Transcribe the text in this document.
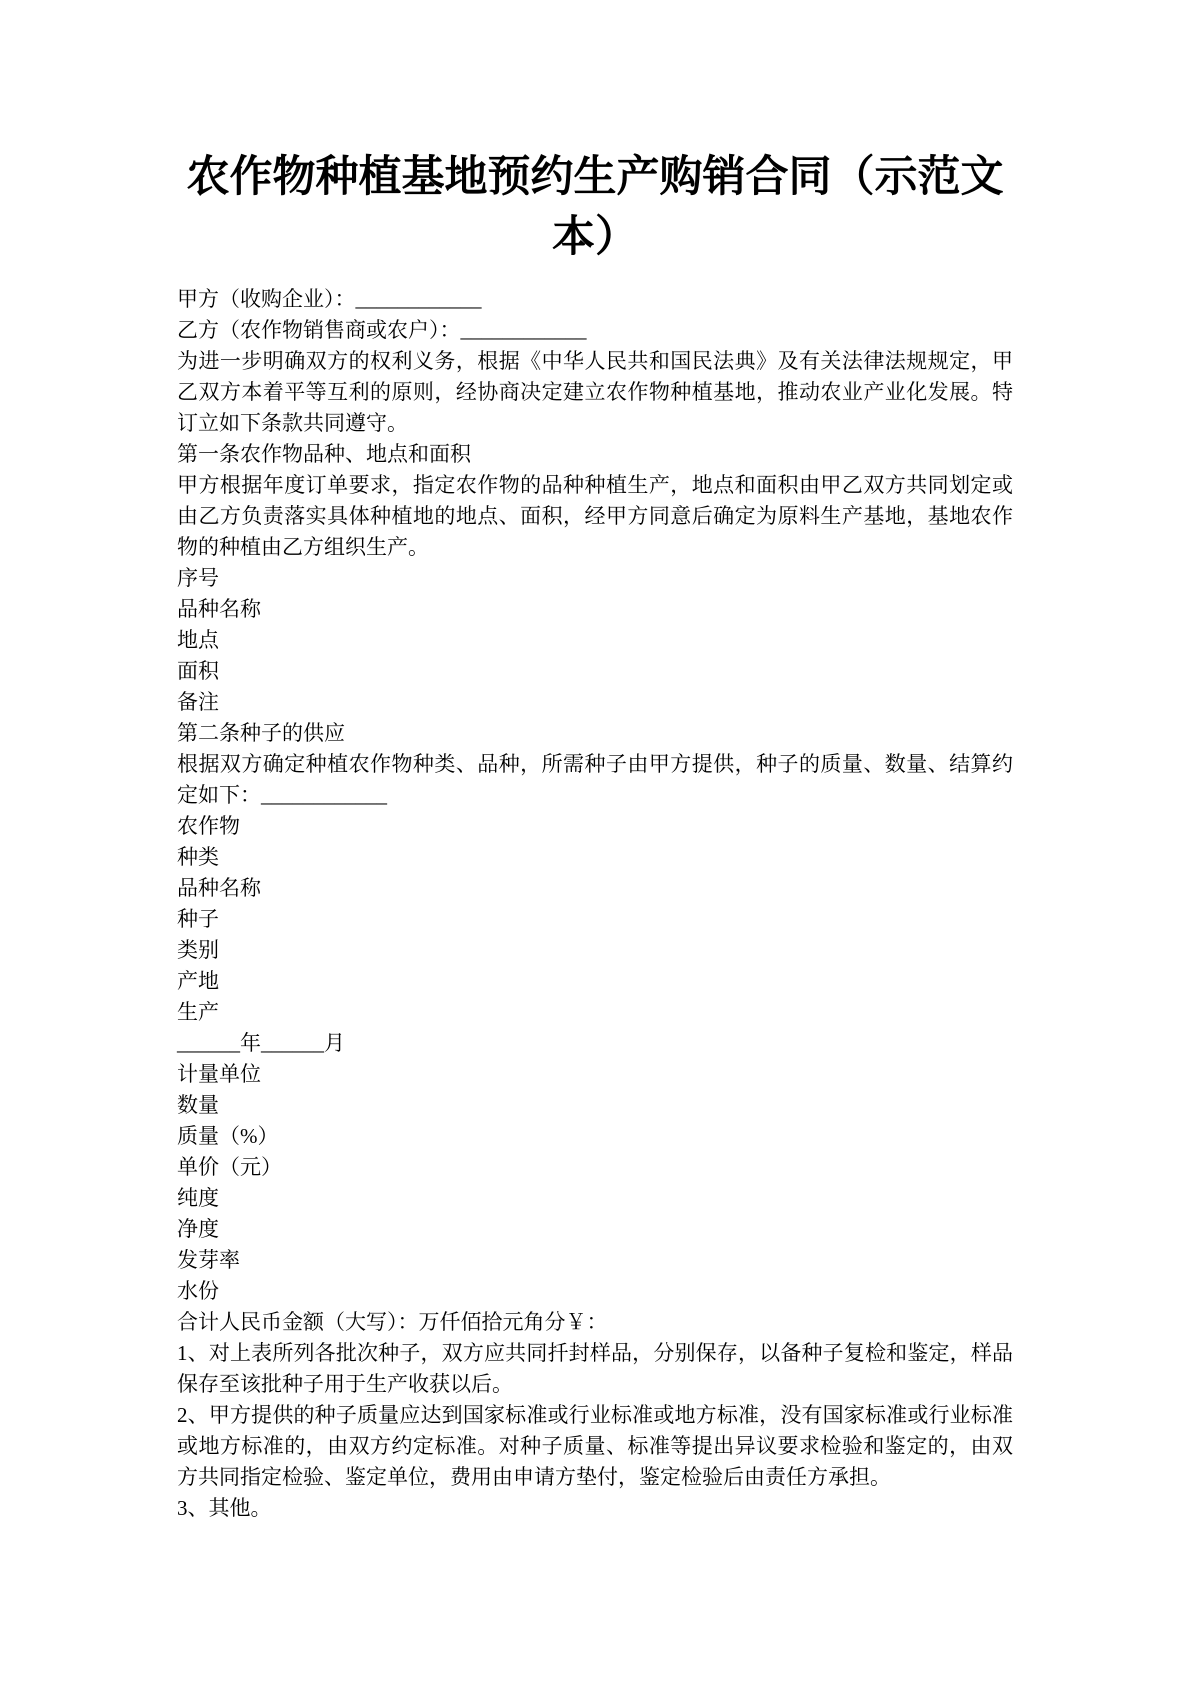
农作物种植基地预约生产购销合同（示范文本）

甲方（收购企业）：____________

乙方（农作物销售商或农户）：____________

为进一步明确双方的权利义务，根据《中华人民共和国民法典》及有关法律法规规定，甲乙双方本着平等互利的原则，经协商决定建立农作物种植基地，推动农业产业化发展。特订立如下条款共同遵守。

第一条农作物品种、地点和面积

甲方根据年度订单要求，指定农作物的品种种植生产，地点和面积由甲乙双方共同划定或由乙方负责落实具体种植地的地点、面积，经甲方同意后确定为原料生产基地，基地农作物的种植由乙方组织生产。

序号

品种名称

地点

面积

备注

第二条种子的供应

根据双方确定种植农作物种类、品种，所需种子由甲方提供，种子的质量、数量、结算约定如下：____________

农作物

种类

品种名称

种子

类别

产地

生产

______年______月

计量单位

数量

质量（%）

单价（元）

纯度

净度

发芽率

水份

合计人民币金额（大写）：万仟佰拾元角分￥：

1、对上表所列各批次种子，双方应共同扦封样品，分别保存，以备种子复检和鉴定，样品保存至该批种子用于生产收获以后。

2、甲方提供的种子质量应达到国家标准或行业标准或地方标准，没有国家标准或行业标准或地方标准的，由双方约定标准。对种子质量、标准等提出异议要求检验和鉴定的，由双方共同指定检验、鉴定单位，费用由申请方垫付，鉴定检验后由责任方承担。

3、其他。
